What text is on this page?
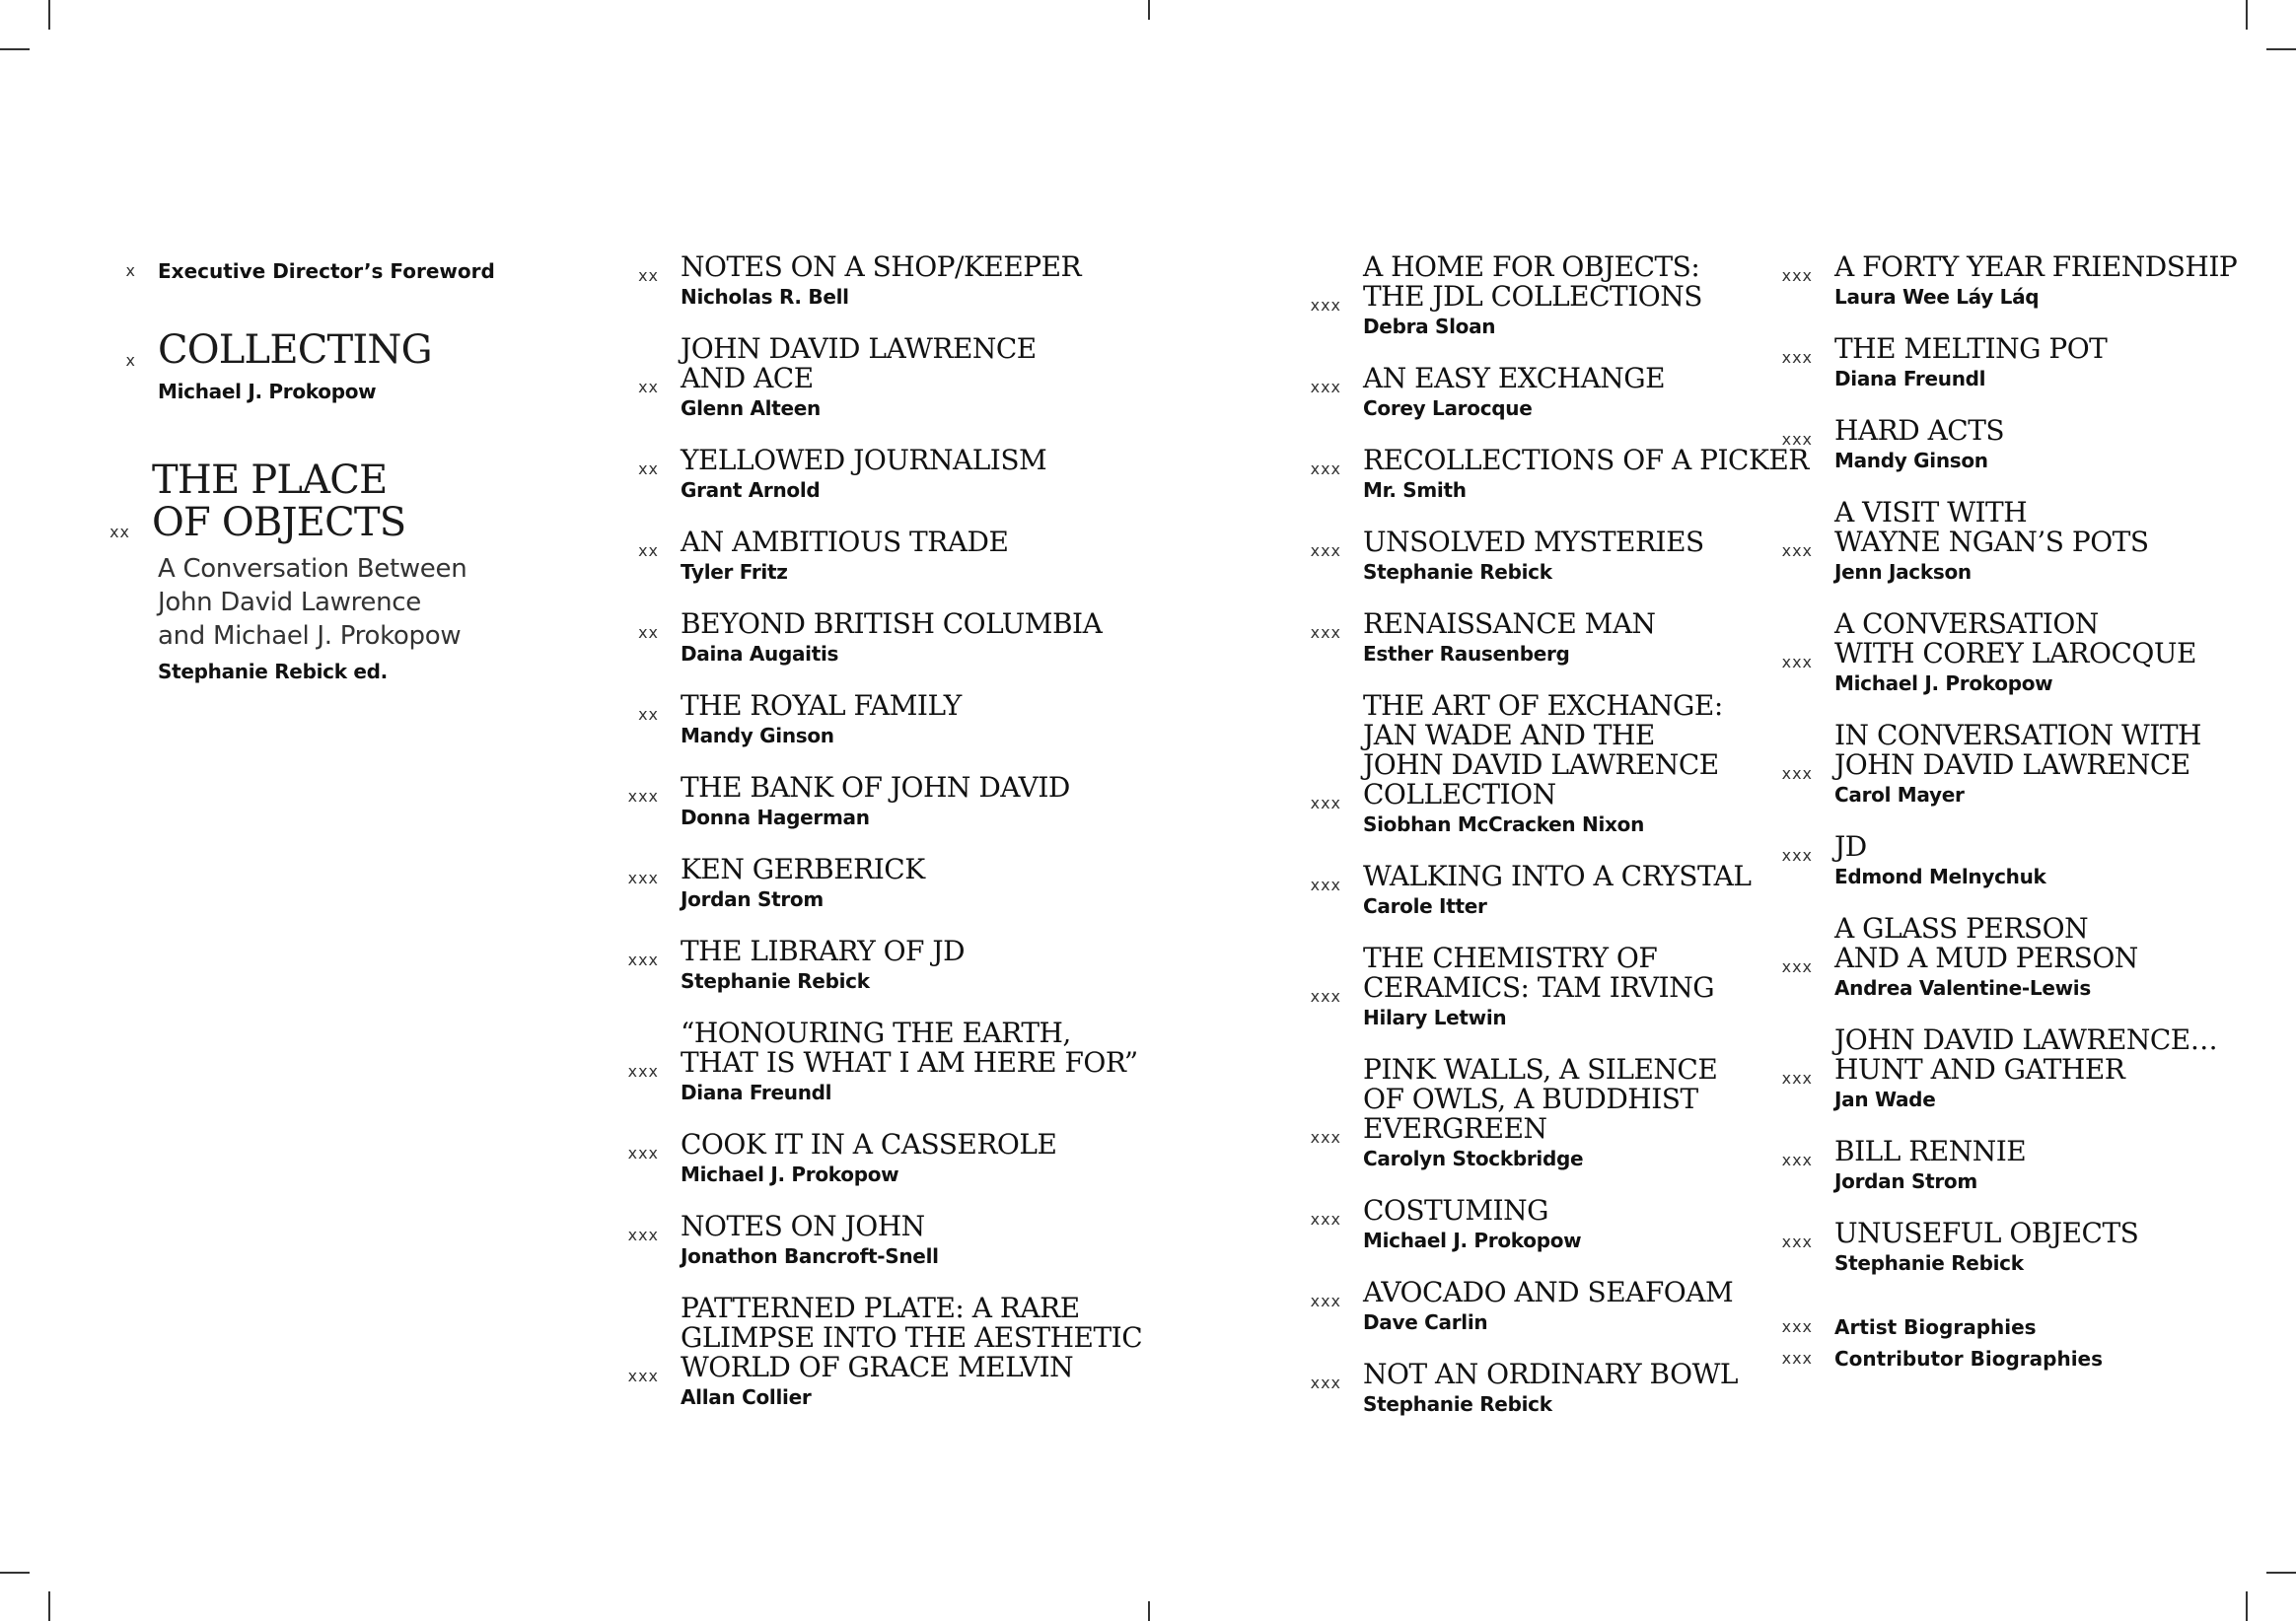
x Executive Director’s Foreword
x COLLECTING
Michael J. Prokopow
xx
THE PLACE
OF OBJECTS
A Conversation Between
John David Lawrence
and Michael J. Prokopow
Stephanie Rebick ed.
xx NOTES ON A SHOP/KEEPER
Nicholas R. Bell
xx
JOHN DAVID LAWRENCE
AND ACE
Glenn Alteen
xx YELLOWED JOURNALISM
Grant Arnold
xx AN AMBITIOUS TRADE
Tyler Fritz
xx BEYOND BRITISH COLUMBIA
Daina Augaitis
xx THE ROYAL FAMILY
Mandy Ginson
xxx THE BANK OF JOHN DAVID
Donna Hagerman
xxx KEN GERBERICK
Jordan Strom
xxx THE LIBRARY OF JD
Stephanie Rebick
xxx
“HONOURING THE EARTH,
THAT IS WHAT I AM HERE FOR”
Diana Freundl
xxx COOK IT IN A CASSEROLE
Michael J. Prokopow
xxx NOTES ON JOHN
Jonathon Bancroft-Snell
xxx
PATTERNED PLATE: A RARE
GLIMPSE INTO THE AESTHETIC
WORLD OF GRACE MELVIN
Allan Collier
xxx
A HOME FOR OBJECTS:
THE JDL COLLECTIONS
Debra Sloan
xxx AN EASY EXCHANGE
Corey Larocque
xxx RECOLLECTIONS OF A PICKER
Mr. Smith
xxx UNSOLVED MYSTERIES
Stephanie Rebick
xxx RENAISSANCE MAN
Esther Rausenberg
xxx
THE ART OF EXCHANGE:
JAN WADE AND THE
JOHN DAVID LAWRENCE
COLLECTION
Siobhan McCracken Nixon
xxx WALKING INTO A CRYSTAL
Carole Itter
xxx
THE CHEMISTRY OF
CERAMICS: TAM IRVING
Hilary Letwin
xxx
PINK WALLS, A SILENCE
OF OWLS, A BUDDHIST
EVERGREEN
Carolyn Stockbridge
xxx COSTUMING
Michael J. Prokopow
xxx AVOCADO AND SEAFOAM
Dave Carlin
xxx NOT AN ORDINARY BOWL
Stephanie Rebick
xxx A FORTY YEAR FRIENDSHIP
Laura Wee Láy Láq
xxx THE MELTING POT
Diana Freundl
xxx HARD ACTS
Mandy Ginson
xxx
A VISIT WITH
WAYNE NGAN’S POTS
Jenn Jackson
xxx
A CONVERSATION
WITH COREY LAROCQUE
Michael J. Prokopow
xxx
IN CONVERSATION WITH
JOHN DAVID LAWRENCE
Carol Mayer
xxx JD
Edmond Melnychuk
xxx
A GLASS PERSON
AND A MUD PERSON
Andrea Valentine-Lewis
xxx
JOHN DAVID LAWRENCE…
HUNT AND GATHER
Jan Wade
xxx BILL RENNIE
Jordan Strom
xxx UNUSEFUL OBJECTS
Stephanie Rebick
xxx Artist Biographies
xxx Contributor Biographies
